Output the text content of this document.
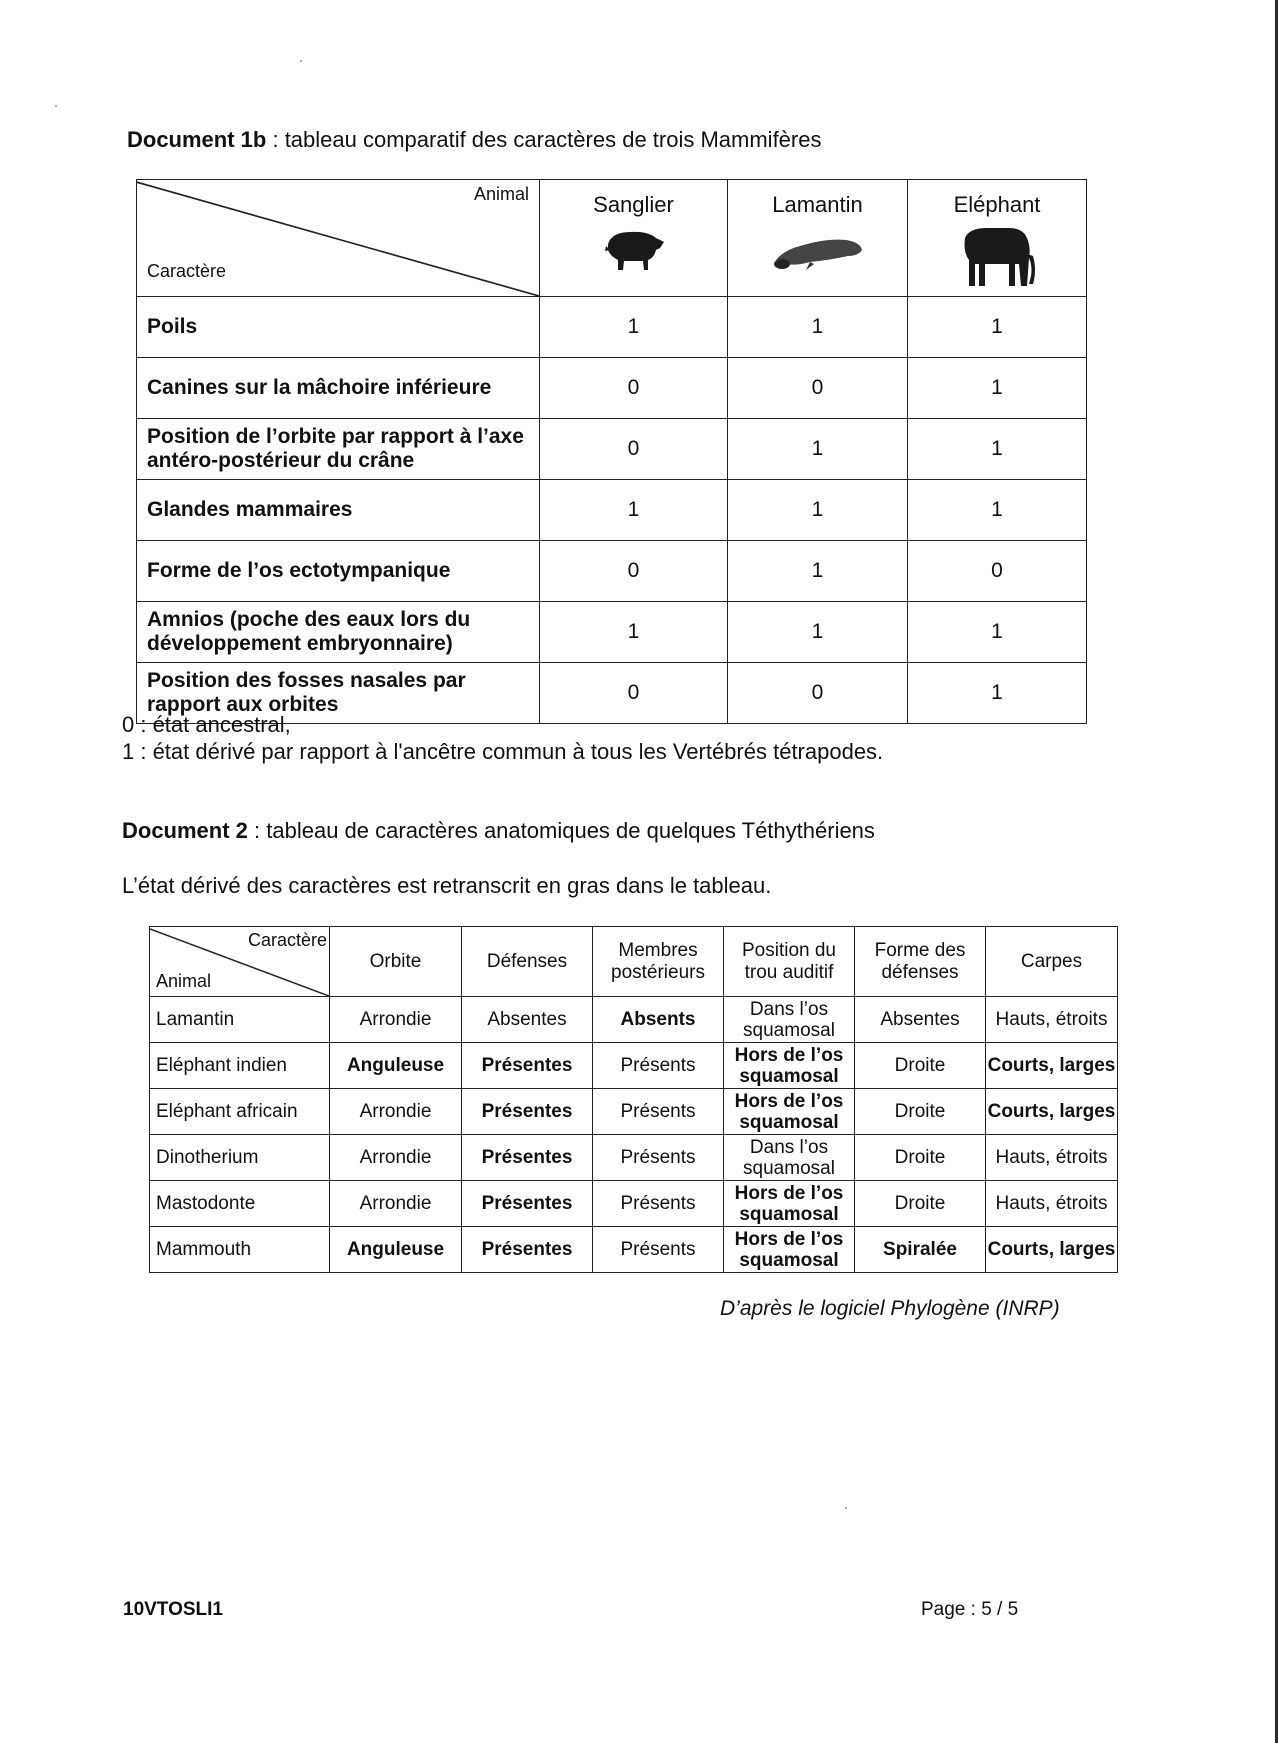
Document 1b : tableau comparatif des caractères de trois Mammifères
Animal
Caractère	Sanglier	Lamantin	Eléphant

Poils	1	1	1
Canines sur la mâchoire inférieure	0	0	1
Position de l’orbite par rapport à l’axe antéro-postérieur du crâne	0	1	1
Glandes mammaires	1	1	1
Forme de l’os ectotympanique	0	1	0
Amnios (poche des eaux lors du développement embryonnaire)	1	1	1
Position des fosses nasales par rapport aux orbites	0	0	1
0 : état ancestral,
1 : état dérivé par rapport à l'ancêtre commun à tous les Vertébrés tétrapodes.
Document 2 : tableau de caractères anatomiques de quelques Téthythériens
L’état dérivé des caractères est retranscrit en gras dans le tableau.
Caractère
Animal	Orbite	Défenses	Membres postérieurs	Position du trou auditif	Forme des défenses	Carpes
Lamantin	Arrondie	Absentes	Absents	Dans l’os squamosal	Absentes	Hauts, étroits
Eléphant indien	Anguleuse	Présentes	Présents	Hors de l’os squamosal	Droite	Courts, larges
Eléphant africain	Arrondie	Présentes	Présents	Hors de l’os squamosal	Droite	Courts, larges
Dinotherium	Arrondie	Présentes	Présents	Dans l’os squamosal	Droite	Hauts, étroits
Mastodonte	Arrondie	Présentes	Présents	Hors de l’os squamosal	Droite	Hauts, étroits
Mammouth	Anguleuse	Présentes	Présents	Hors de l’os squamosal	Spiralée	Courts, larges
D’après le logiciel Phylogène (INRP)
10VTOSLI1	Page : 5 / 5
